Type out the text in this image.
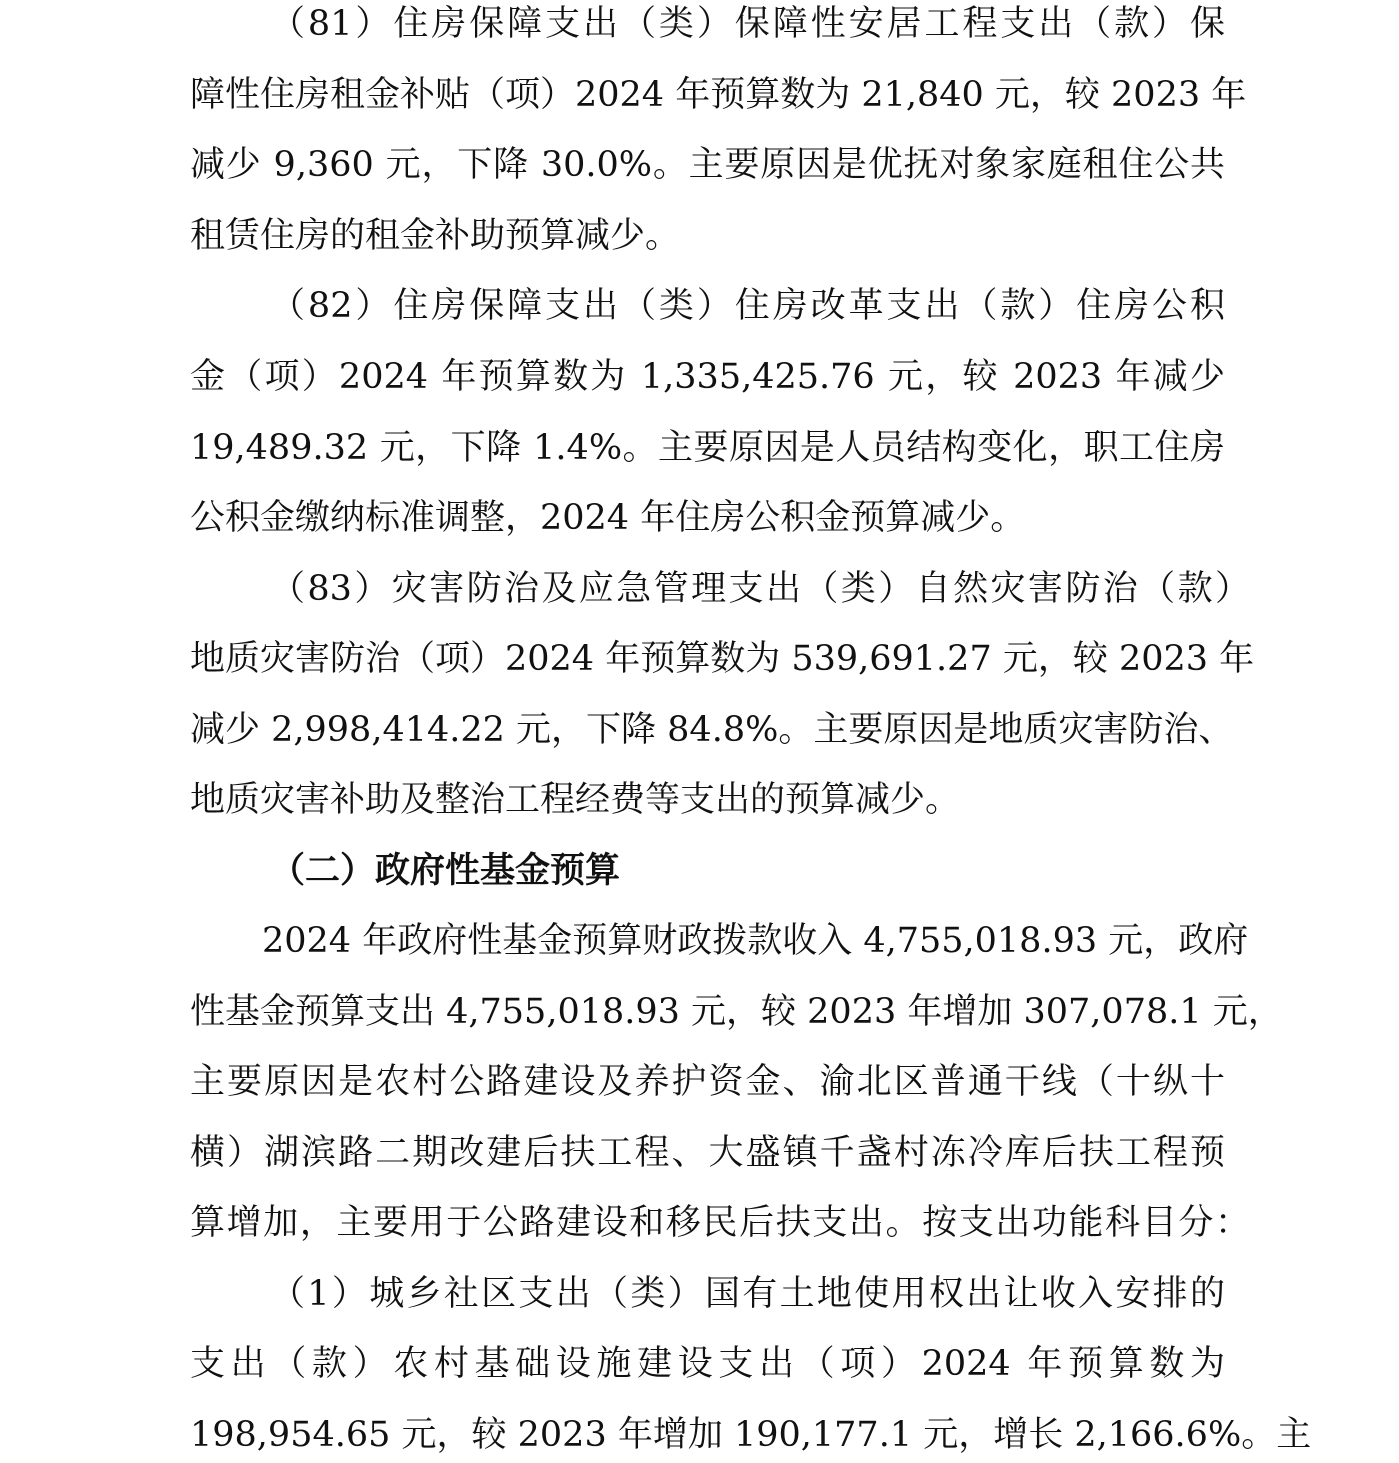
（81）住房保障支出（类）保障性安居工程支出（款）保
障性住房租金补贴（项）2024 年预算数为 21,840 元，较 2023 年
减少 9,360 元，下降 30.0%。主要原因是优抚对象家庭租住公共
租赁住房的租金补助预算减少。
（82）住房保障支出（类）住房改革支出（款）住房公积
金（项）2024 年预算数为 1,335,425.76 元，较 2023 年减少
19,489.32 元，下降 1.4%。主要原因是人员结构变化，职工住房
公积金缴纳标准调整，2024 年住房公积金预算减少。
（83）灾害防治及应急管理支出（类）自然灾害防治（款）
地质灾害防治（项）2024 年预算数为 539,691.27 元，较 2023 年
减少 2,998,414.22 元，下降 84.8%。主要原因是地质灾害防治、
地质灾害补助及整治工程经费等支出的预算减少。
（二）政府性基金预算
2024 年政府性基金预算财政拨款收入 4,755,018.93 元，政府
性基金预算支出 4,755,018.93 元，较 2023 年增加 307,078.1 元，
主要原因是农村公路建设及养护资金、渝北区普通干线（十纵十
横）湖滨路二期改建后扶工程、大盛镇千盏村冻冷库后扶工程预
算增加，主要用于公路建设和移民后扶支出。按支出功能科目分：
（1）城乡社区支出（类）国有土地使用权出让收入安排的
支出（款）农村基础设施建设支出（项）2024 年预算数为
198,954.65 元，较 2023 年增加 190,177.1 元，增长 2,166.6%。主
